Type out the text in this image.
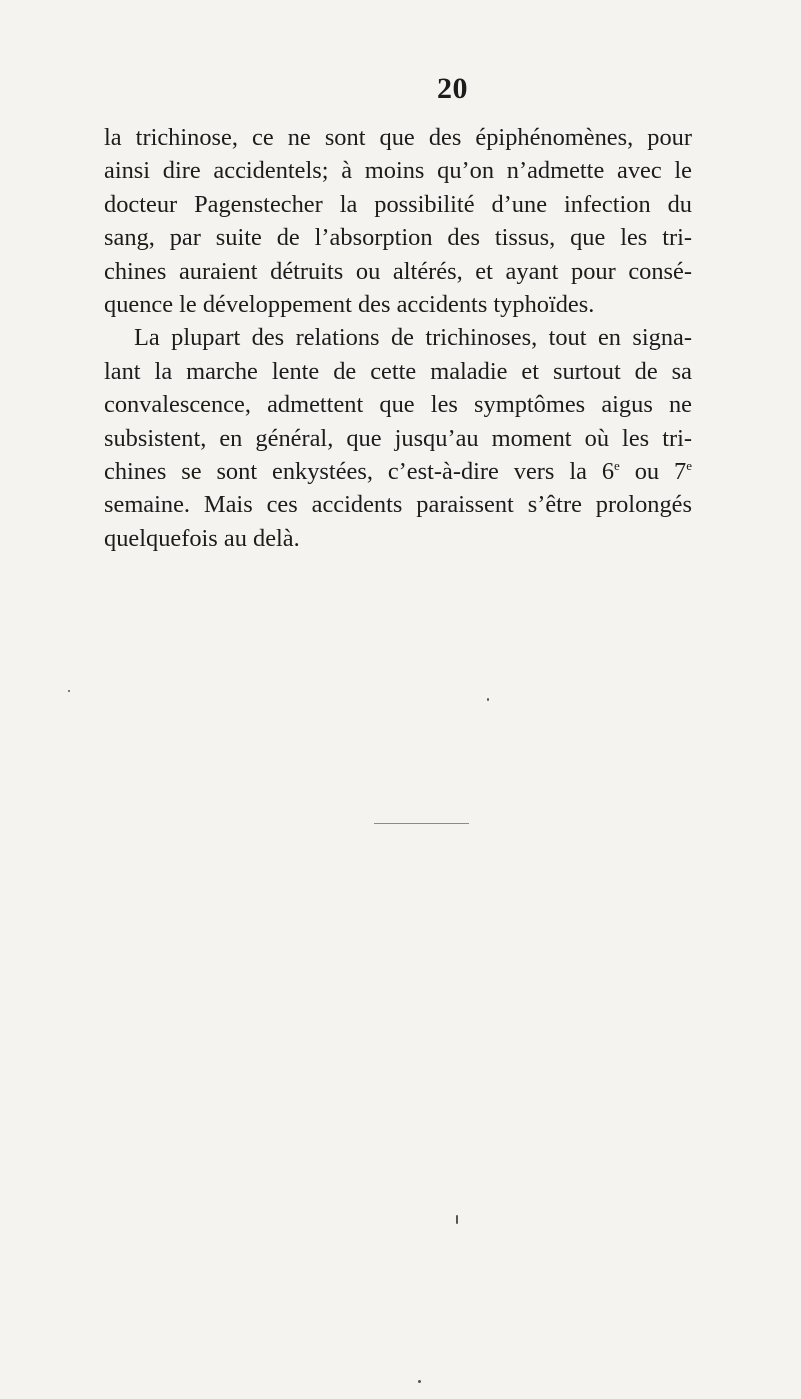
20
la trichinose, ce ne sont que des épiphénomènes, pour
ainsi dire accidentels; à moins qu’on n’admette avec le
docteur Pagenstecher la possibilité d’une infection du
sang, par suite de l’absorption des tissus, que les tri-
chines auraient détruits ou altérés, et ayant pour consé-
quence le développement des accidents typhoïdes.
La plupart des relations de trichinoses, tout en signa-
lant la marche lente de cette maladie et surtout de sa
convalescence, admettent que les symptômes aigus ne
subsistent, en général, que jusqu’au moment où les tri-
chines se sont enkystées, c’est-à-dire vers la 6e ou 7e
semaine. Mais ces accidents paraissent s’être prolongés
quelquefois au delà.
